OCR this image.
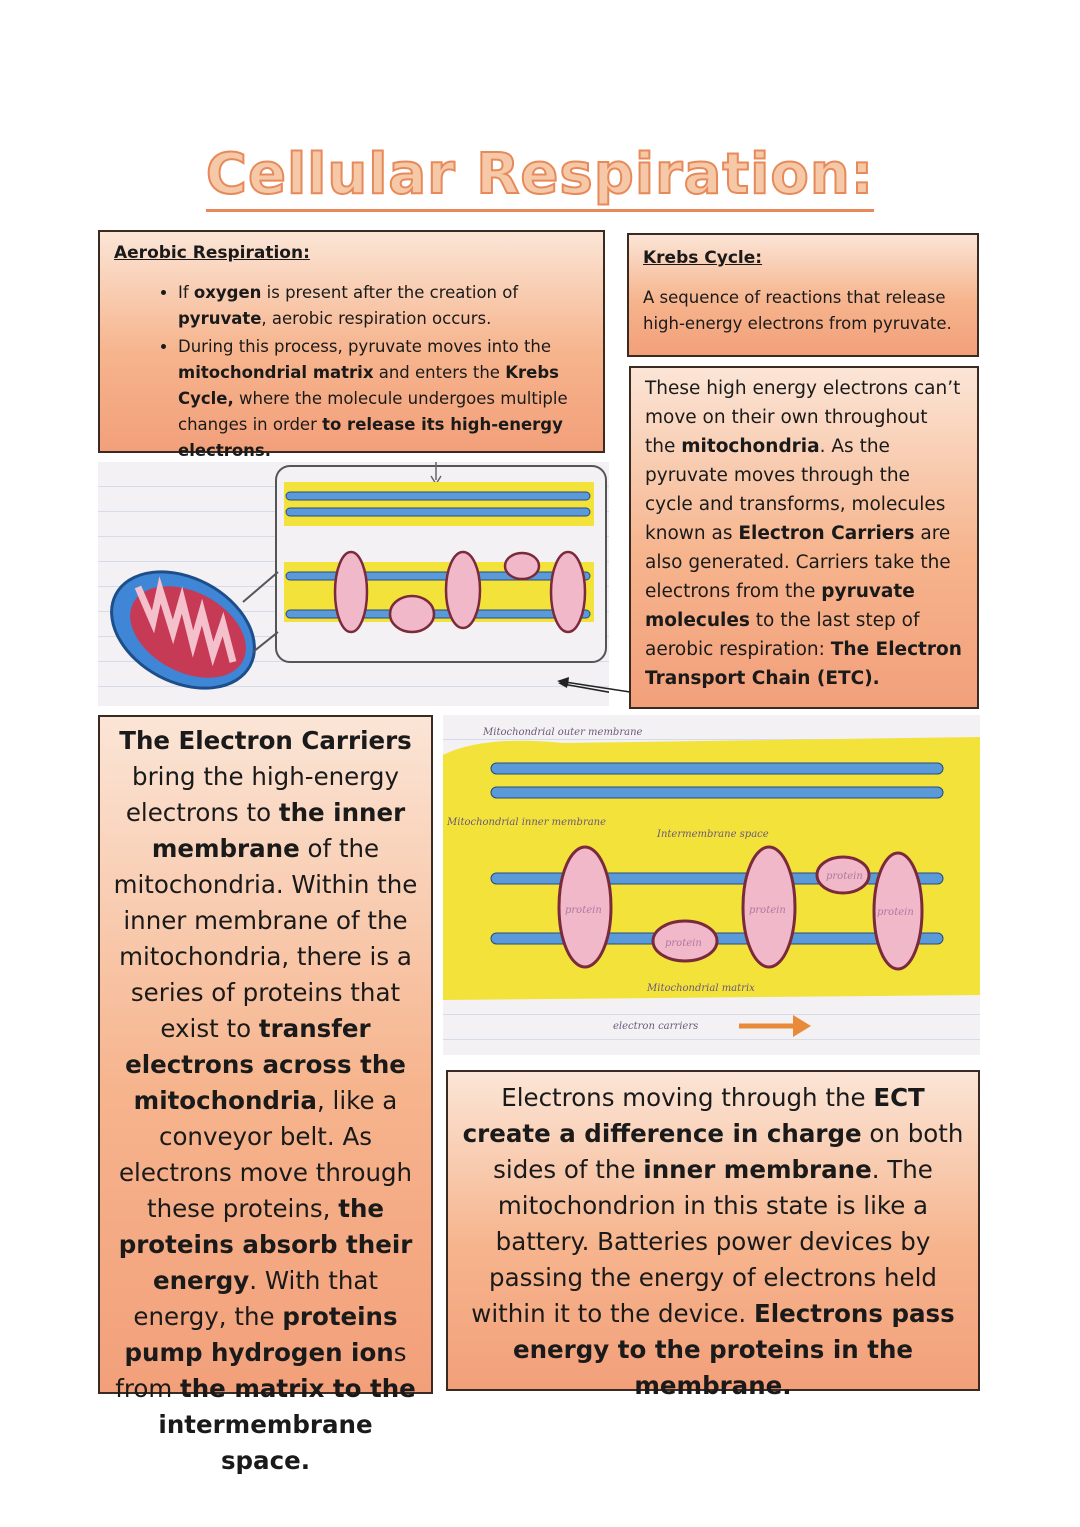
Cellular Respiration:
Aerobic Respiration:
• If oxygen is present after the creation of pyruvate, aerobic respiration occurs.
• During this process, pyruvate moves into the mitochondrial matrix and enters the Krebs Cycle, where the molecule undergoes multiple changes in order to release its high-energy electrons.
Krebs Cycle:
A sequence of reactions that release high-energy electrons from pyruvate.
These high energy electrons can’t move on their own throughout the mitochondria. As the pyruvate moves through the cycle and transforms, molecules known as Electron Carriers are also generated. Carriers take the electrons from the pyruvate molecules to the last step of aerobic respiration: The Electron Transport Chain (ETC).
The Electron Carriers bring the high-energy electrons to the inner membrane of the mitochondria. Within the inner membrane of the mitochondria, there is a series of proteins that exist to transfer electrons across the mitochondria, like a conveyor belt. As electrons move through these proteins, the proteins absorb their energy. With that energy, the proteins pump hydrogen ions from the matrix to the intermembrane space.
Mitochondrial outer membrane
Mitochondrial inner membrane
Intermembrane space
Mitochondrial matrix
electron carriers
protein
protein
protein
protein
protein
Electrons moving through the ECT create a difference in charge on both sides of the inner membrane. The mitochondrion in this state is like a battery. Batteries power devices by passing the energy of electrons held within it to the device. Electrons pass energy to the proteins in the membrane.
